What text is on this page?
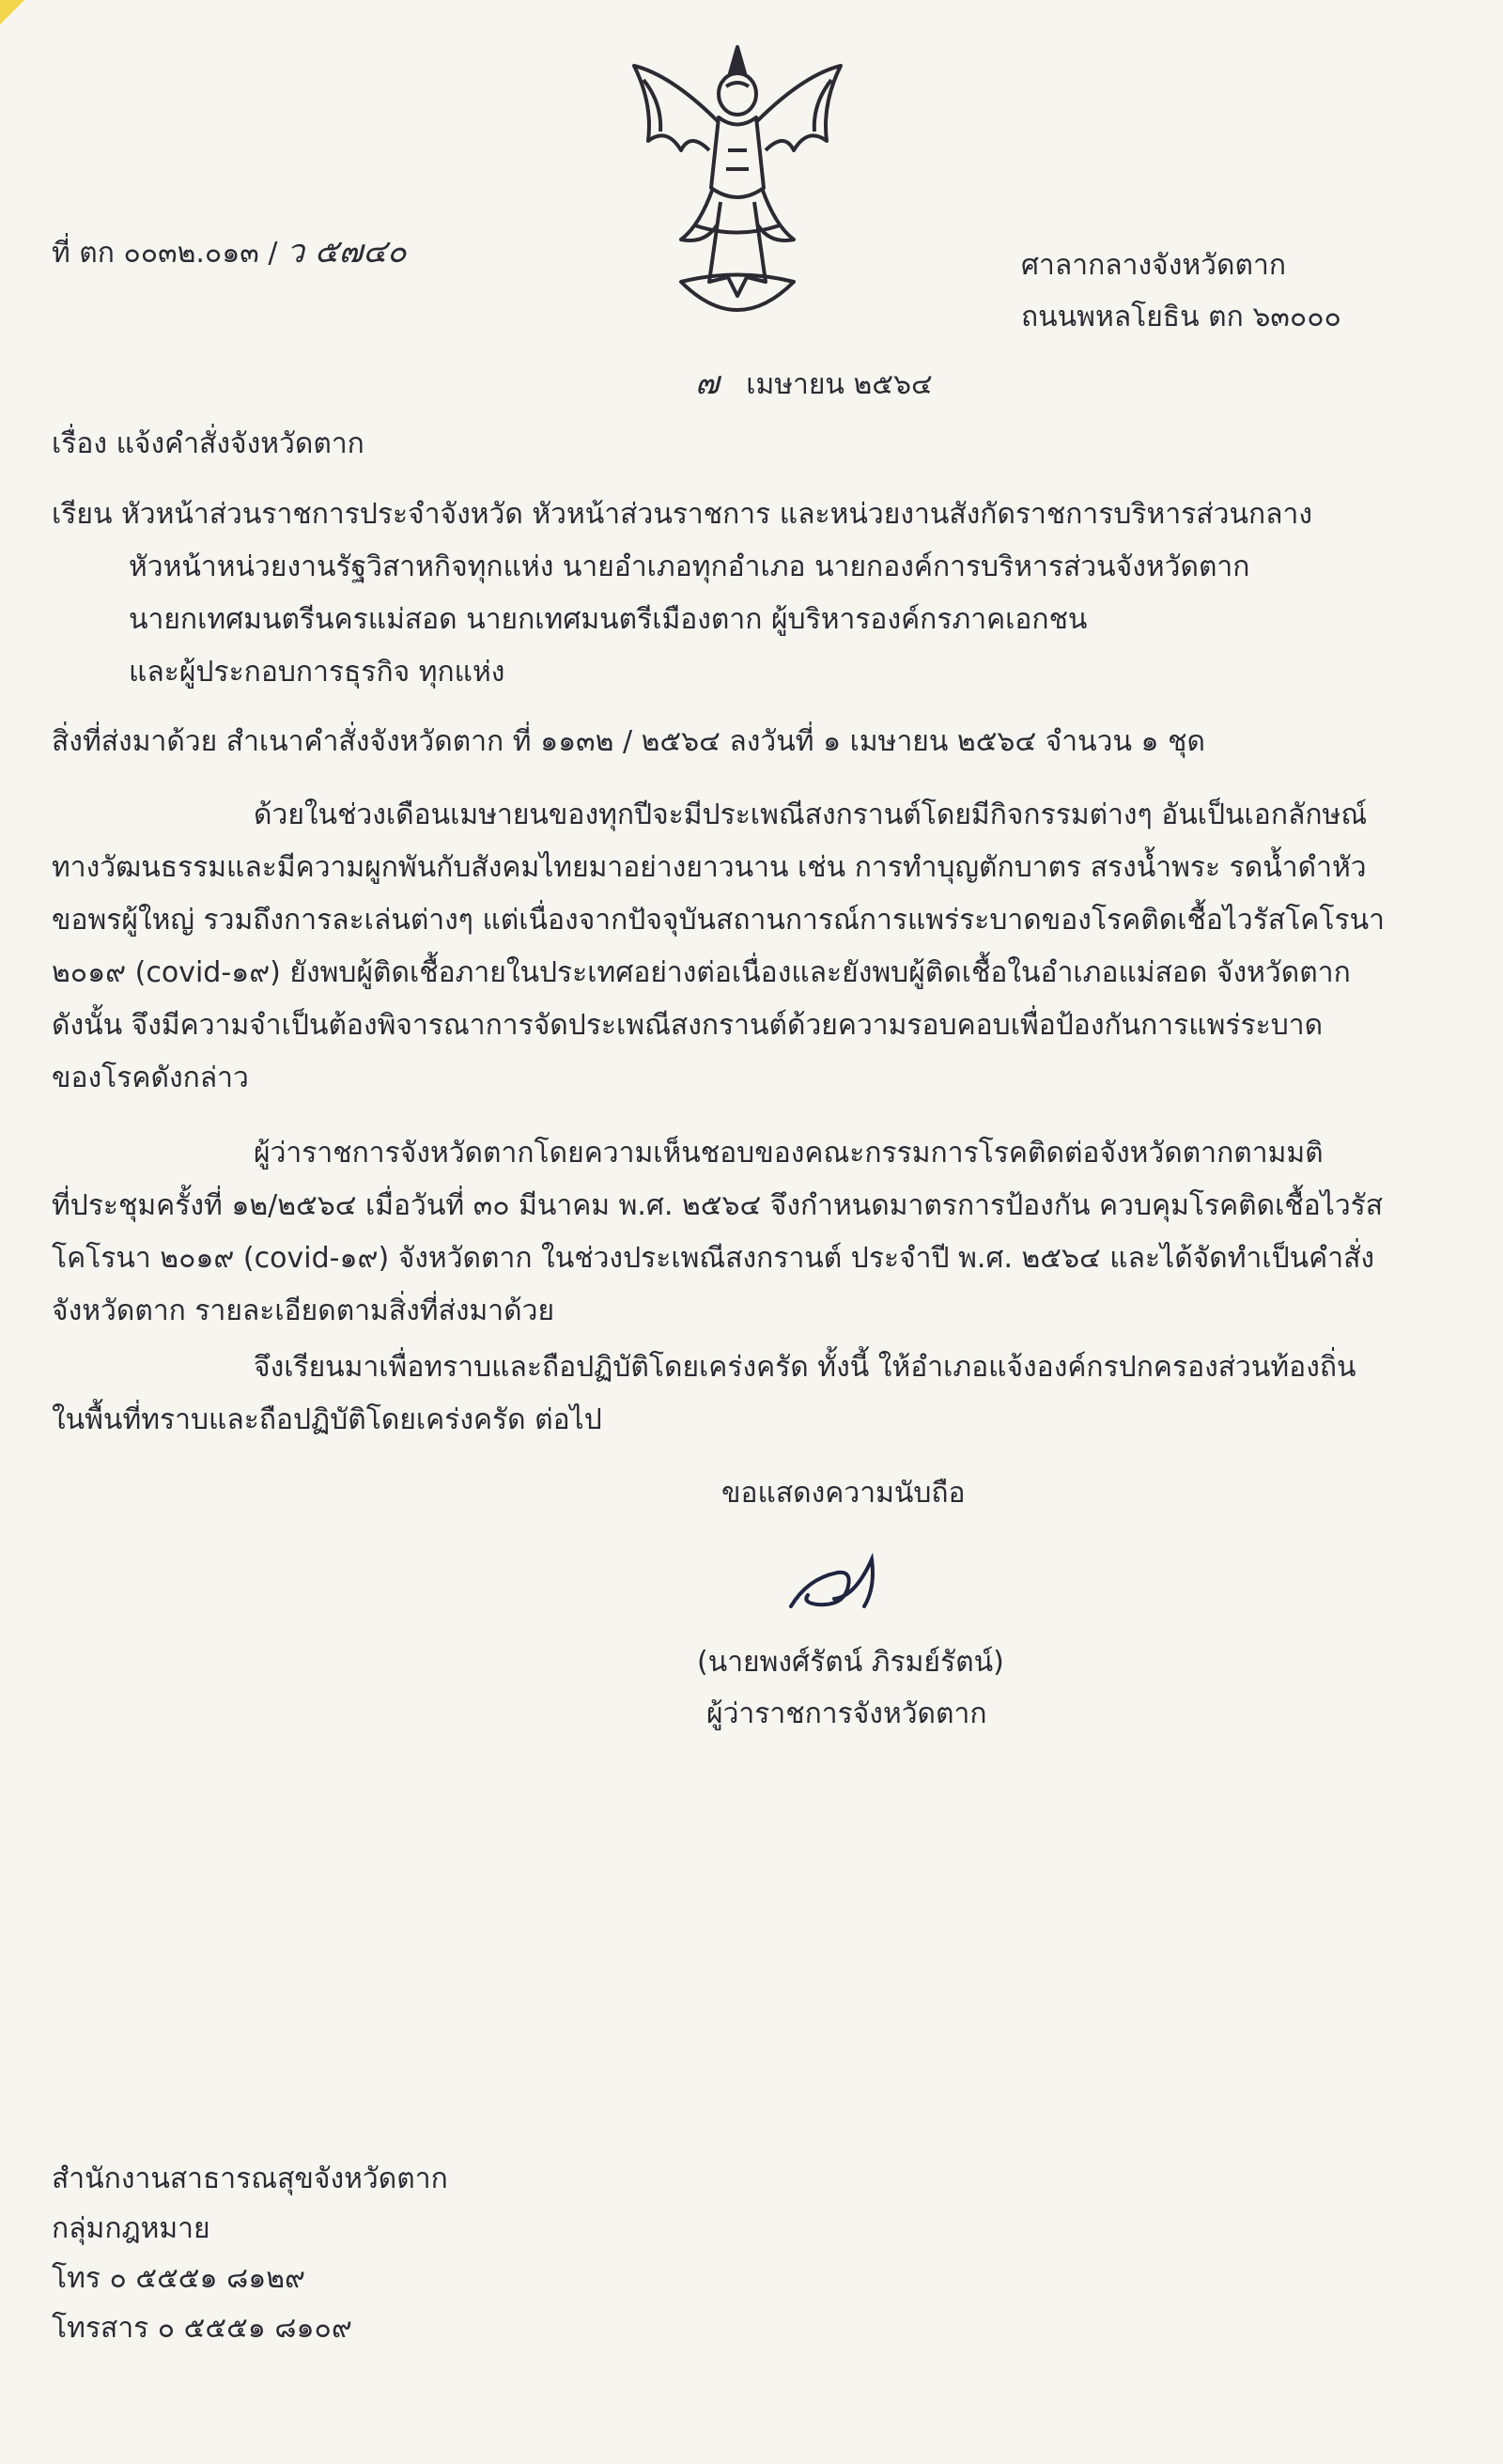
ที่ ตก ๐๐๓๒.๐๑๓ / ว ๕๗๔๐	ศาลากลางจังหวัดตาก
ถนนพหลโยธิน ตก ๖๓๐๐๐
๗ เมษายน ๒๕๖๔
เรื่อง แจ้งคำสั่งจังหวัดตาก
เรียน หัวหน้าส่วนราชการประจำจังหวัด หัวหน้าส่วนราชการ และหน่วยงานสังกัดราชการบริหารส่วนกลาง
หัวหน้าหน่วยงานรัฐวิสาหกิจทุกแห่ง นายอำเภอทุกอำเภอ นายกองค์การบริหารส่วนจังหวัดตาก
นายกเทศมนตรีนครแม่สอด นายกเทศมนตรีเมืองตาก ผู้บริหารองค์กรภาคเอกชน
และผู้ประกอบการธุรกิจ ทุกแห่ง
สิ่งที่ส่งมาด้วย สำเนาคำสั่งจังหวัดตาก ที่ ๑๑๓๒ / ๒๕๖๔ ลงวันที่ ๑ เมษายน ๒๕๖๔ จำนวน ๑ ชุด
ด้วยในช่วงเดือนเมษายนของทุกปีจะมีประเพณีสงกรานต์โดยมีกิจกรรมต่างๆ อันเป็นเอกลักษณ์
ทางวัฒนธรรมและมีความผูกพันกับสังคมไทยมาอย่างยาวนาน เช่น การทำบุญตักบาตร สรงน้ำพระ รดน้ำดำหัว
ขอพรผู้ใหญ่ รวมถึงการละเล่นต่างๆ แต่เนื่องจากปัจจุบันสถานการณ์การแพร่ระบาดของโรคติดเชื้อไวรัสโคโรนา
๒๐๑๙ (covid-๑๙) ยังพบผู้ติดเชื้อภายในประเทศอย่างต่อเนื่องและยังพบผู้ติดเชื้อในอำเภอแม่สอด จังหวัดตาก
ดังนั้น จึงมีความจำเป็นต้องพิจารณาการจัดประเพณีสงกรานต์ด้วยความรอบคอบเพื่อป้องกันการแพร่ระบาด
ของโรคดังกล่าว
ผู้ว่าราชการจังหวัดตากโดยความเห็นชอบของคณะกรรมการโรคติดต่อจังหวัดตากตามมติ
ที่ประชุมครั้งที่ ๑๒/๒๕๖๔ เมื่อวันที่ ๓๐ มีนาคม พ.ศ. ๒๕๖๔ จึงกำหนดมาตรการป้องกัน ควบคุมโรคติดเชื้อไวรัส
โคโรนา ๒๐๑๙ (covid-๑๙) จังหวัดตาก ในช่วงประเพณีสงกรานต์ ประจำปี พ.ศ. ๒๕๖๔ และได้จัดทำเป็นคำสั่ง
จังหวัดตาก รายละเอียดตามสิ่งที่ส่งมาด้วย
จึงเรียนมาเพื่อทราบและถือปฏิบัติโดยเคร่งครัด ทั้งนี้ ให้อำเภอแจ้งองค์กรปกครองส่วนท้องถิ่น
ในพื้นที่ทราบและถือปฏิบัติโดยเคร่งครัด ต่อไป
ขอแสดงความนับถือ
(นายพงศ์รัตน์ ภิรมย์รัตน์)
ผู้ว่าราชการจังหวัดตาก
สำนักงานสาธารณสุขจังหวัดตาก
กลุ่มกฎหมาย
โทร ๐ ๕๕๕๑ ๘๑๒๙
โทรสาร ๐ ๕๕๕๑ ๘๑๐๙
